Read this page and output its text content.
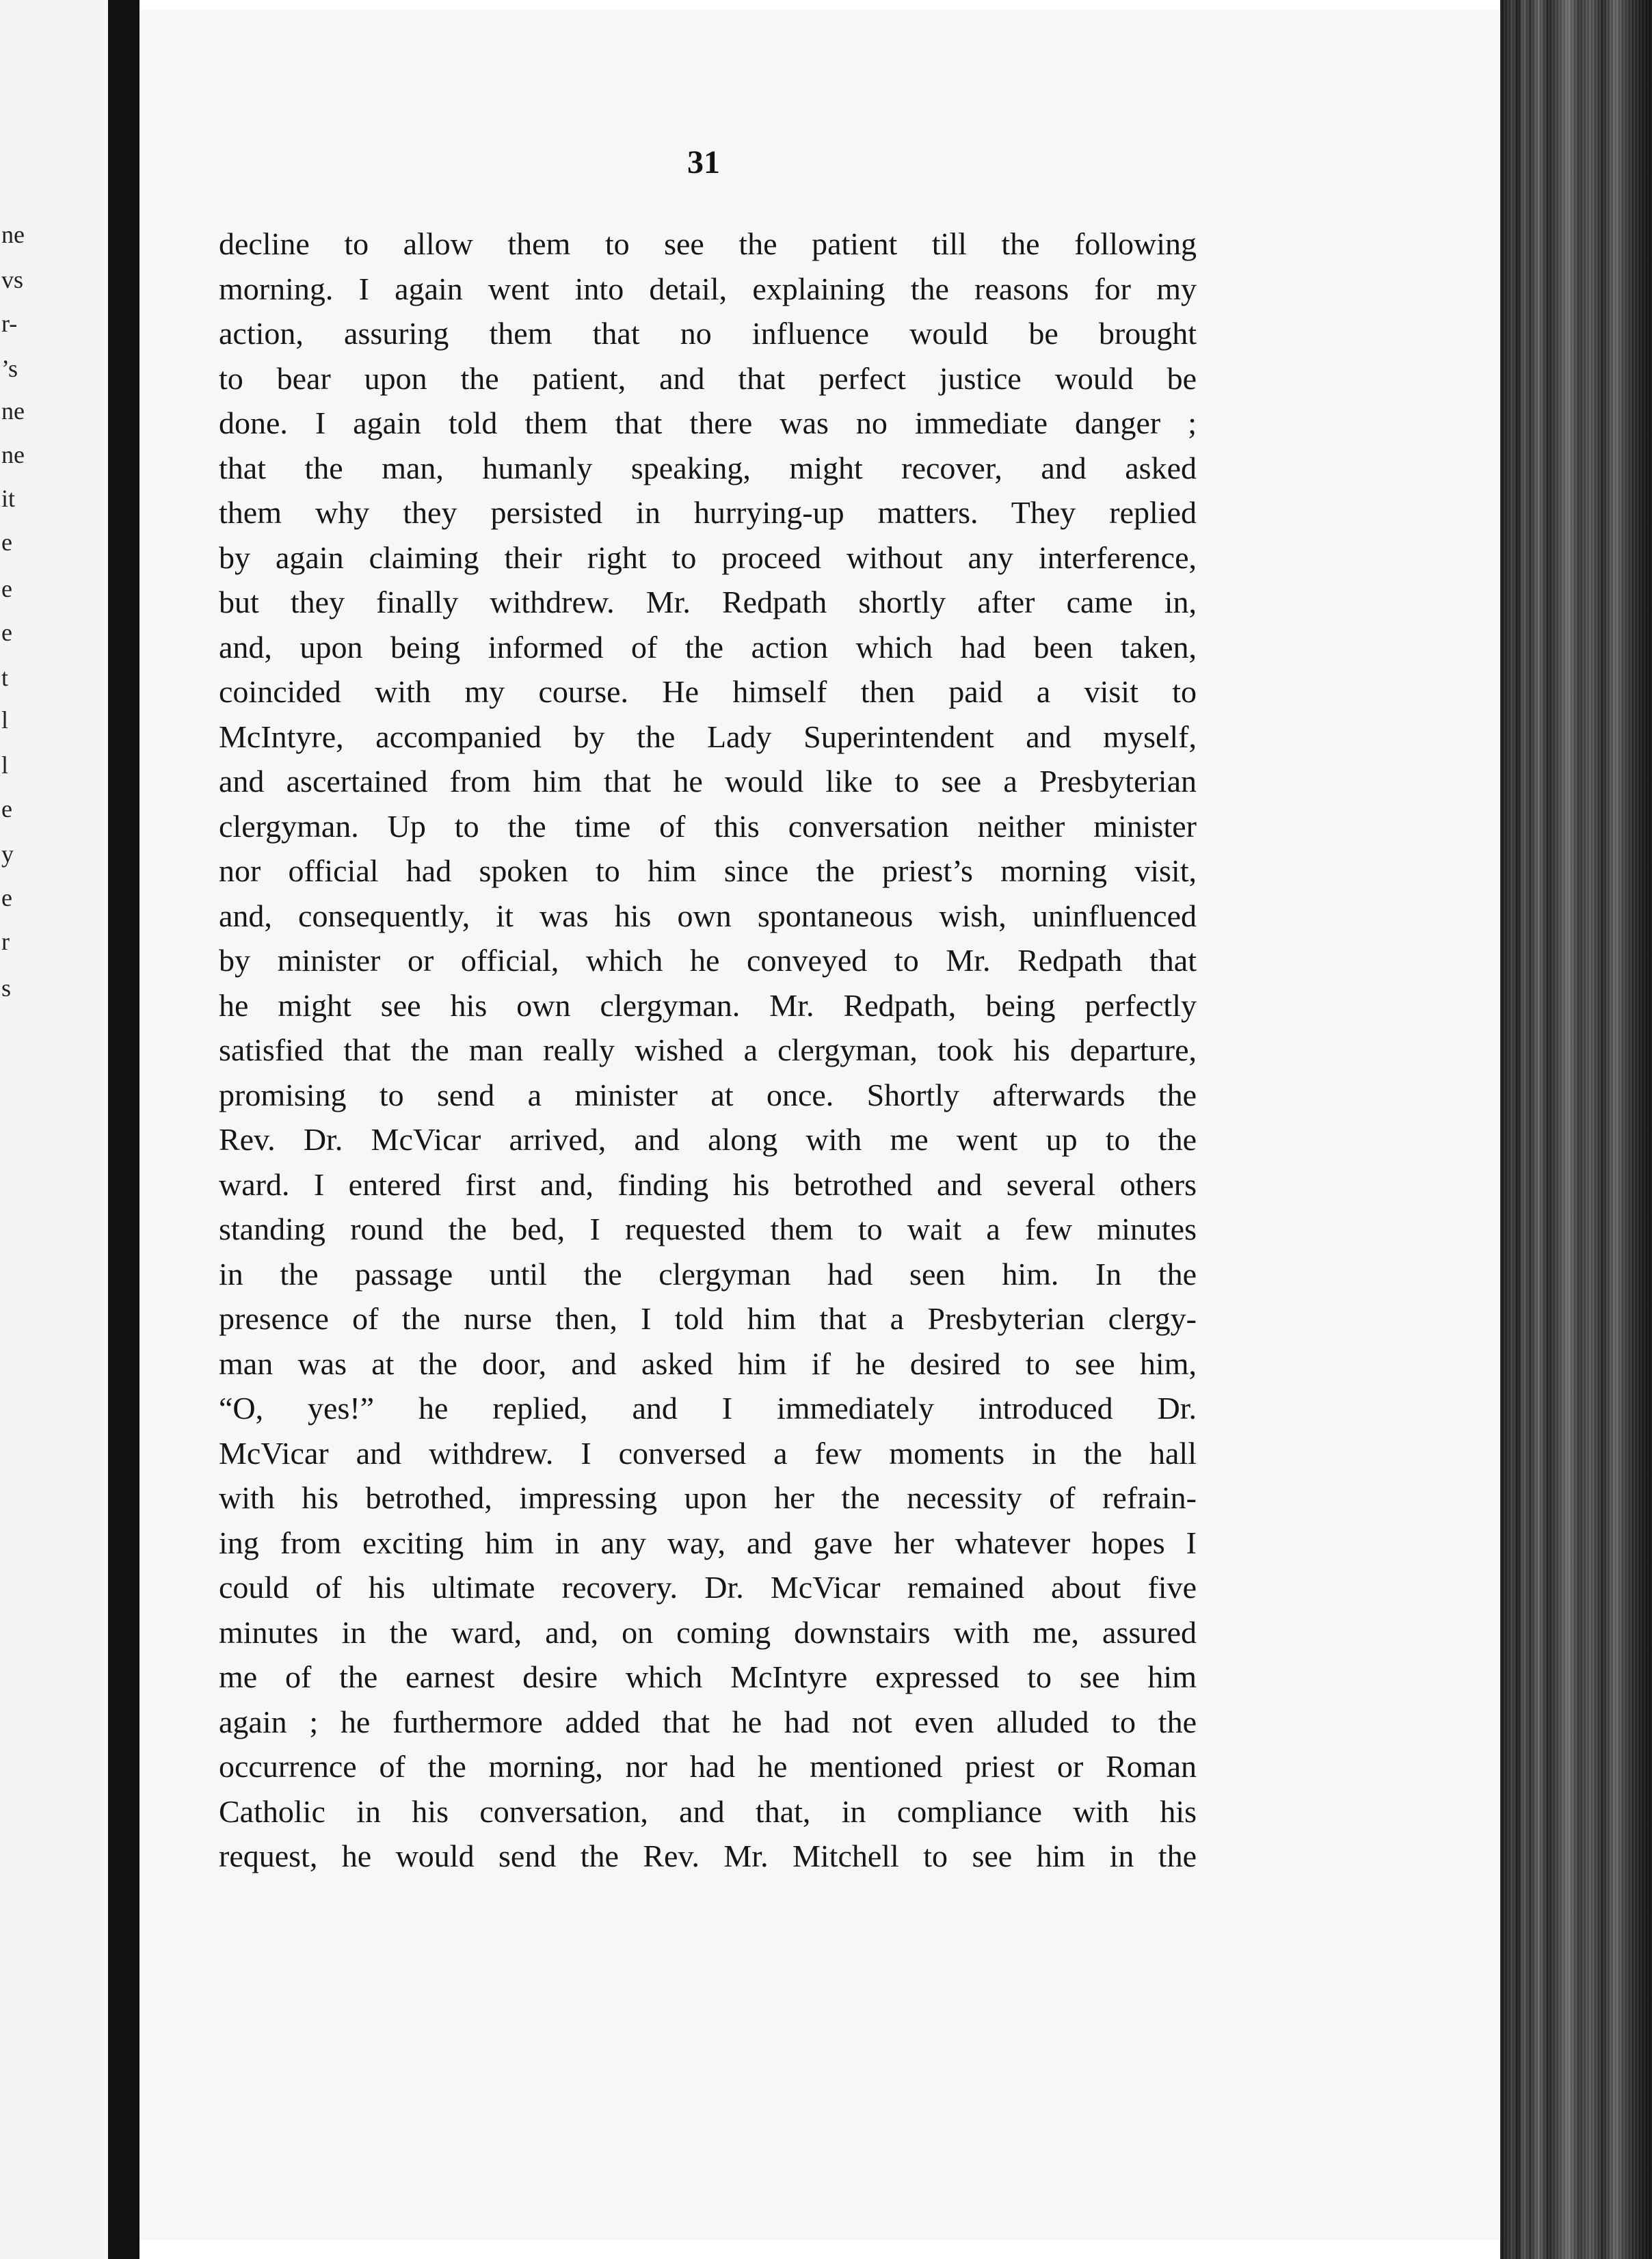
ne
vs
r-
’s
ne
ne
it
e
e
e
t
l
l
e
y
e
r
s
31
decline to allow them to see the patient till the following
morning. I again went into detail, explaining the reasons for my
action, assuring them that no influence would be brought
to bear upon the patient, and that perfect justice would be
done. I again told them that there was no immediate danger ;
that the man, humanly speaking, might recover, and asked
them why they persisted in hurrying-up matters. They replied
by again claiming their right to proceed without any interference,
but they finally withdrew. Mr. Redpath shortly after came in,
and, upon being informed of the action which had been taken,
coincided with my course. He himself then paid a visit to
McIntyre, accompanied by the Lady Superintendent and myself,
and ascertained from him that he would like to see a Presbyterian
clergyman. Up to the time of this conversation neither minister
nor official had spoken to him since the priest’s morning visit,
and, consequently, it was his own spontaneous wish, uninfluenced
by minister or official, which he conveyed to Mr. Redpath that
he might see his own clergyman. Mr. Redpath, being perfectly
satisfied that the man really wished a clergyman, took his departure,
promising to send a minister at once. Shortly afterwards the
Rev. Dr. McVicar arrived, and along with me went up to the
ward. I entered first and, finding his betrothed and several others
standing round the bed, I requested them to wait a few minutes
in the passage until the clergyman had seen him. In the
presence of the nurse then, I told him that a Presbyterian clergy-
man was at the door, and asked him if he desired to see him,
“O, yes!” he replied, and I immediately introduced Dr.
McVicar and withdrew. I conversed a few moments in the hall
with his betrothed, impressing upon her the necessity of refrain-
ing from exciting him in any way, and gave her whatever hopes I
could of his ultimate recovery. Dr. McVicar remained about five
minutes in the ward, and, on coming downstairs with me, assured
me of the earnest desire which McIntyre expressed to see him
again ; he furthermore added that he had not even alluded to the
occurrence of the morning, nor had he mentioned priest or Roman
Catholic in his conversation, and that, in compliance with his
request, he would send the Rev. Mr. Mitchell to see him in the
